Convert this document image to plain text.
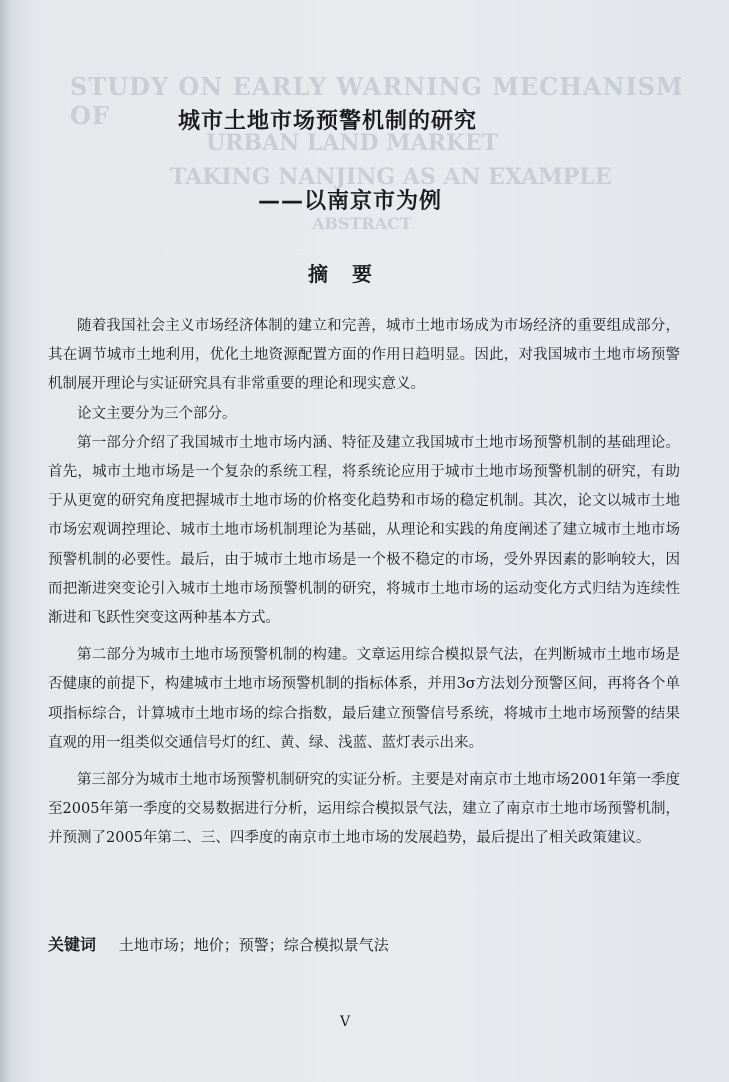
STUDY ON EARLY WARNING MECHANISM OF
URBAN LAND MARKET
TAKING NANJING AS AN EXAMPLE
ABSTRACT
城市土地市场预警机制的研究
——以南京市为例
摘 要

随着我国社会主义市场经济体制的建立和完善，城市土地市场成为市场经济的重要组成部分，其在调节城市土地利用，优化土地资源配置方面的作用日趋明显。因此，对我国城市土地市场预警机制展开理论与实证研究具有非常重要的理论和现实意义。

论文主要分为三个部分。

第一部分介绍了我国城市土地市场内涵、特征及建立我国城市土地市场预警机制的基础理论。首先，城市土地市场是一个复杂的系统工程，将系统论应用于城市土地市场预警机制的研究，有助于从更宽的研究角度把握城市土地市场的价格变化趋势和市场的稳定机制。其次，论文以城市土地市场宏观调控理论、城市土地市场机制理论为基础，从理论和实践的角度阐述了建立城市土地市场预警机制的必要性。最后，由于城市土地市场是一个极不稳定的市场，受外界因素的影响较大，因而把渐进突变论引入城市土地市场预警机制的研究，将城市土地市场的运动变化方式归结为连续性渐进和飞跃性突变这两种基本方式。

第二部分为城市土地市场预警机制的构建。文章运用综合模拟景气法，在判断城市土地市场是否健康的前提下，构建城市土地市场预警机制的指标体系，并用3σ方法划分预警区间，再将各个单项指标综合，计算城市土地市场的综合指数，最后建立预警信号系统，将城市土地市场预警的结果直观的用一组类似交通信号灯的红、黄、绿、浅蓝、蓝灯表示出来。

第三部分为城市土地市场预警机制研究的实证分析。主要是对南京市土地市场2001年第一季度至2005年第一季度的交易数据进行分析，运用综合模拟景气法，建立了南京市土地市场预警机制，并预测了2005年第二、三、四季度的南京市土地市场的发展趋势，最后提出了相关政策建议。

关键词 土地市场；地价；预警；综合模拟景气法
V
